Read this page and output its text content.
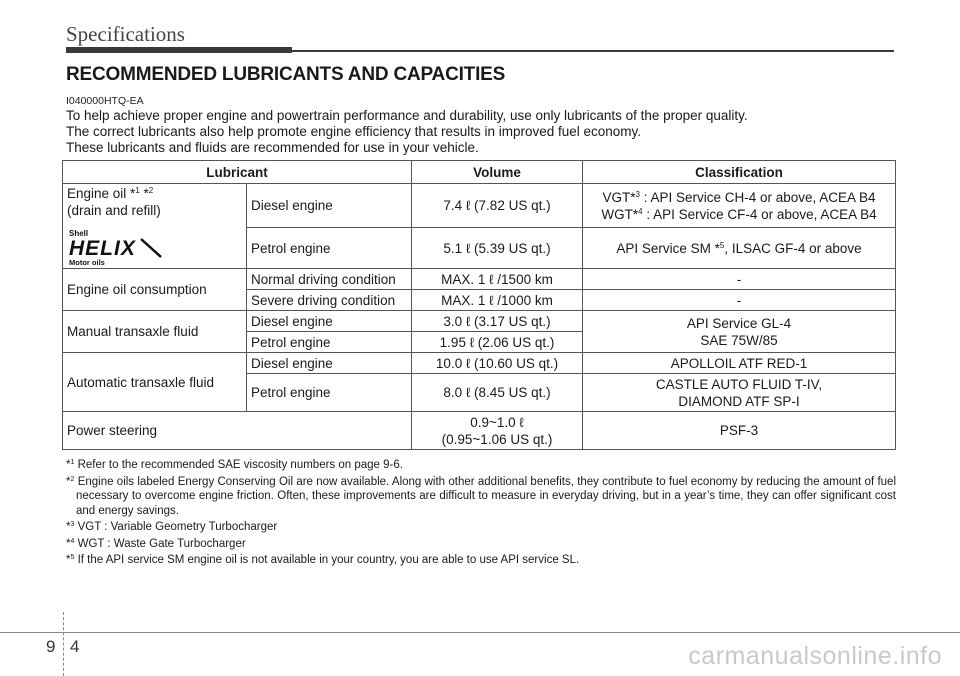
Specifications
RECOMMENDED LUBRICANTS AND CAPACITIES
I040000HTQ-EA
To help achieve proper engine and powertrain performance and durability, use only lubricants of the proper quality.
The correct lubricants also help promote engine efficiency that results in improved fuel economy.
These lubricants and fluids are recommended for use in your vehicle.
Lubricant		Volume	Classification
Engine oil *$^1$ *$^2$
(drain and refill)
Shell
HELIX
Motor oils	Diesel engine	7.4 ℓ (7.82 US qt.)	VGT*$^3$ : API Service CH-4 or above, ACEA B4
WGT*$^4$ : API Service CF-4 or above, ACEA B4
	Petrol engine	5.1 ℓ (5.39 US qt.)	API Service SM *$^5$, ILSAC GF-4 or above
Engine oil consumption	Normal driving condition	MAX. 1 ℓ /1500 km	-
	Severe driving condition	MAX. 1 ℓ /1000 km	-
Manual transaxle fluid	Diesel engine	3.0 ℓ (3.17 US qt.)	API Service GL-4
SAE 75W/85
	Petrol engine	1.95 ℓ (2.06 US qt.)	
Automatic transaxle fluid	Diesel engine	10.0 ℓ (10.60 US qt.)	APOLLOIL ATF RED-1
	Petrol engine	8.0 ℓ (8.45 US qt.)	CASTLE AUTO FLUID T-IV,
DIAMOND ATF SP-I
Power steering		0.9~1.0 ℓ
(0.95~1.06 US qt.)	PSF-3
*$^1$ Refer to the recommended SAE viscosity numbers on page 9-6.
*$^2$ Engine oils labeled Energy Conserving Oil are now available. Along with other additional benefits, they contribute to fuel economy by reducing the amount of fuel necessary to overcome engine friction. Often, these improvements are difficult to measure in everyday driving, but in a year’s time, they can offer significant cost and energy savings.
*$^3$ VGT : Variable Geometry Turbocharger
*$^4$ WGT : Waste Gate Turbocharger
*$^5$ If the API service SM engine oil is not available in your country, you are able to use API service SL.
9 4	carmanualsonline.info
